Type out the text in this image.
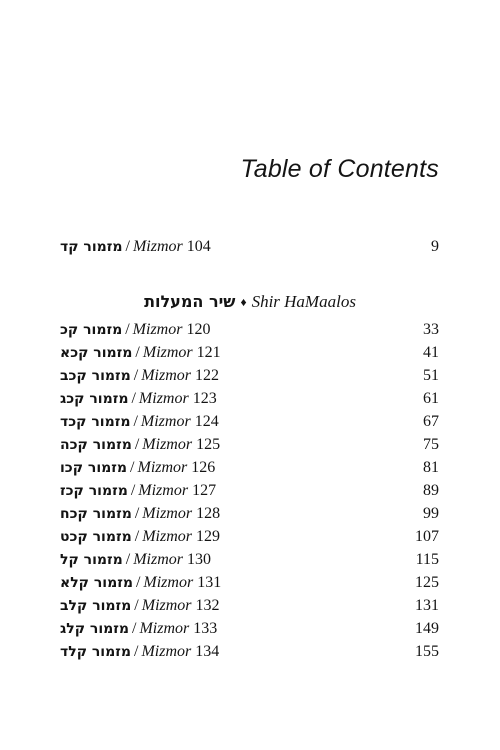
Table of Contents
מזמור קד / Mizmor 104	9
שיר המעלות ♦ Shir HaMaalos
מזמור קכ / Mizmor 120	33
מזמור קכא / Mizmor 121	41
מזמור קכב / Mizmor 122	51
מזמור קכג / Mizmor 123	61
מזמור קכד / Mizmor 124	67
מזמור קכה / Mizmor 125	75
מזמור קכו / Mizmor 126	81
מזמור קכז / Mizmor 127	89
מזמור קכח / Mizmor 128	99
מזמור קכט / Mizmor 129	107
מזמור קל / Mizmor 130	115
מזמור קלא / Mizmor 131	125
מזמור קלב / Mizmor 132	131
מזמור קלג / Mizmor 133	149
מזמור קלד / Mizmor 134	155
